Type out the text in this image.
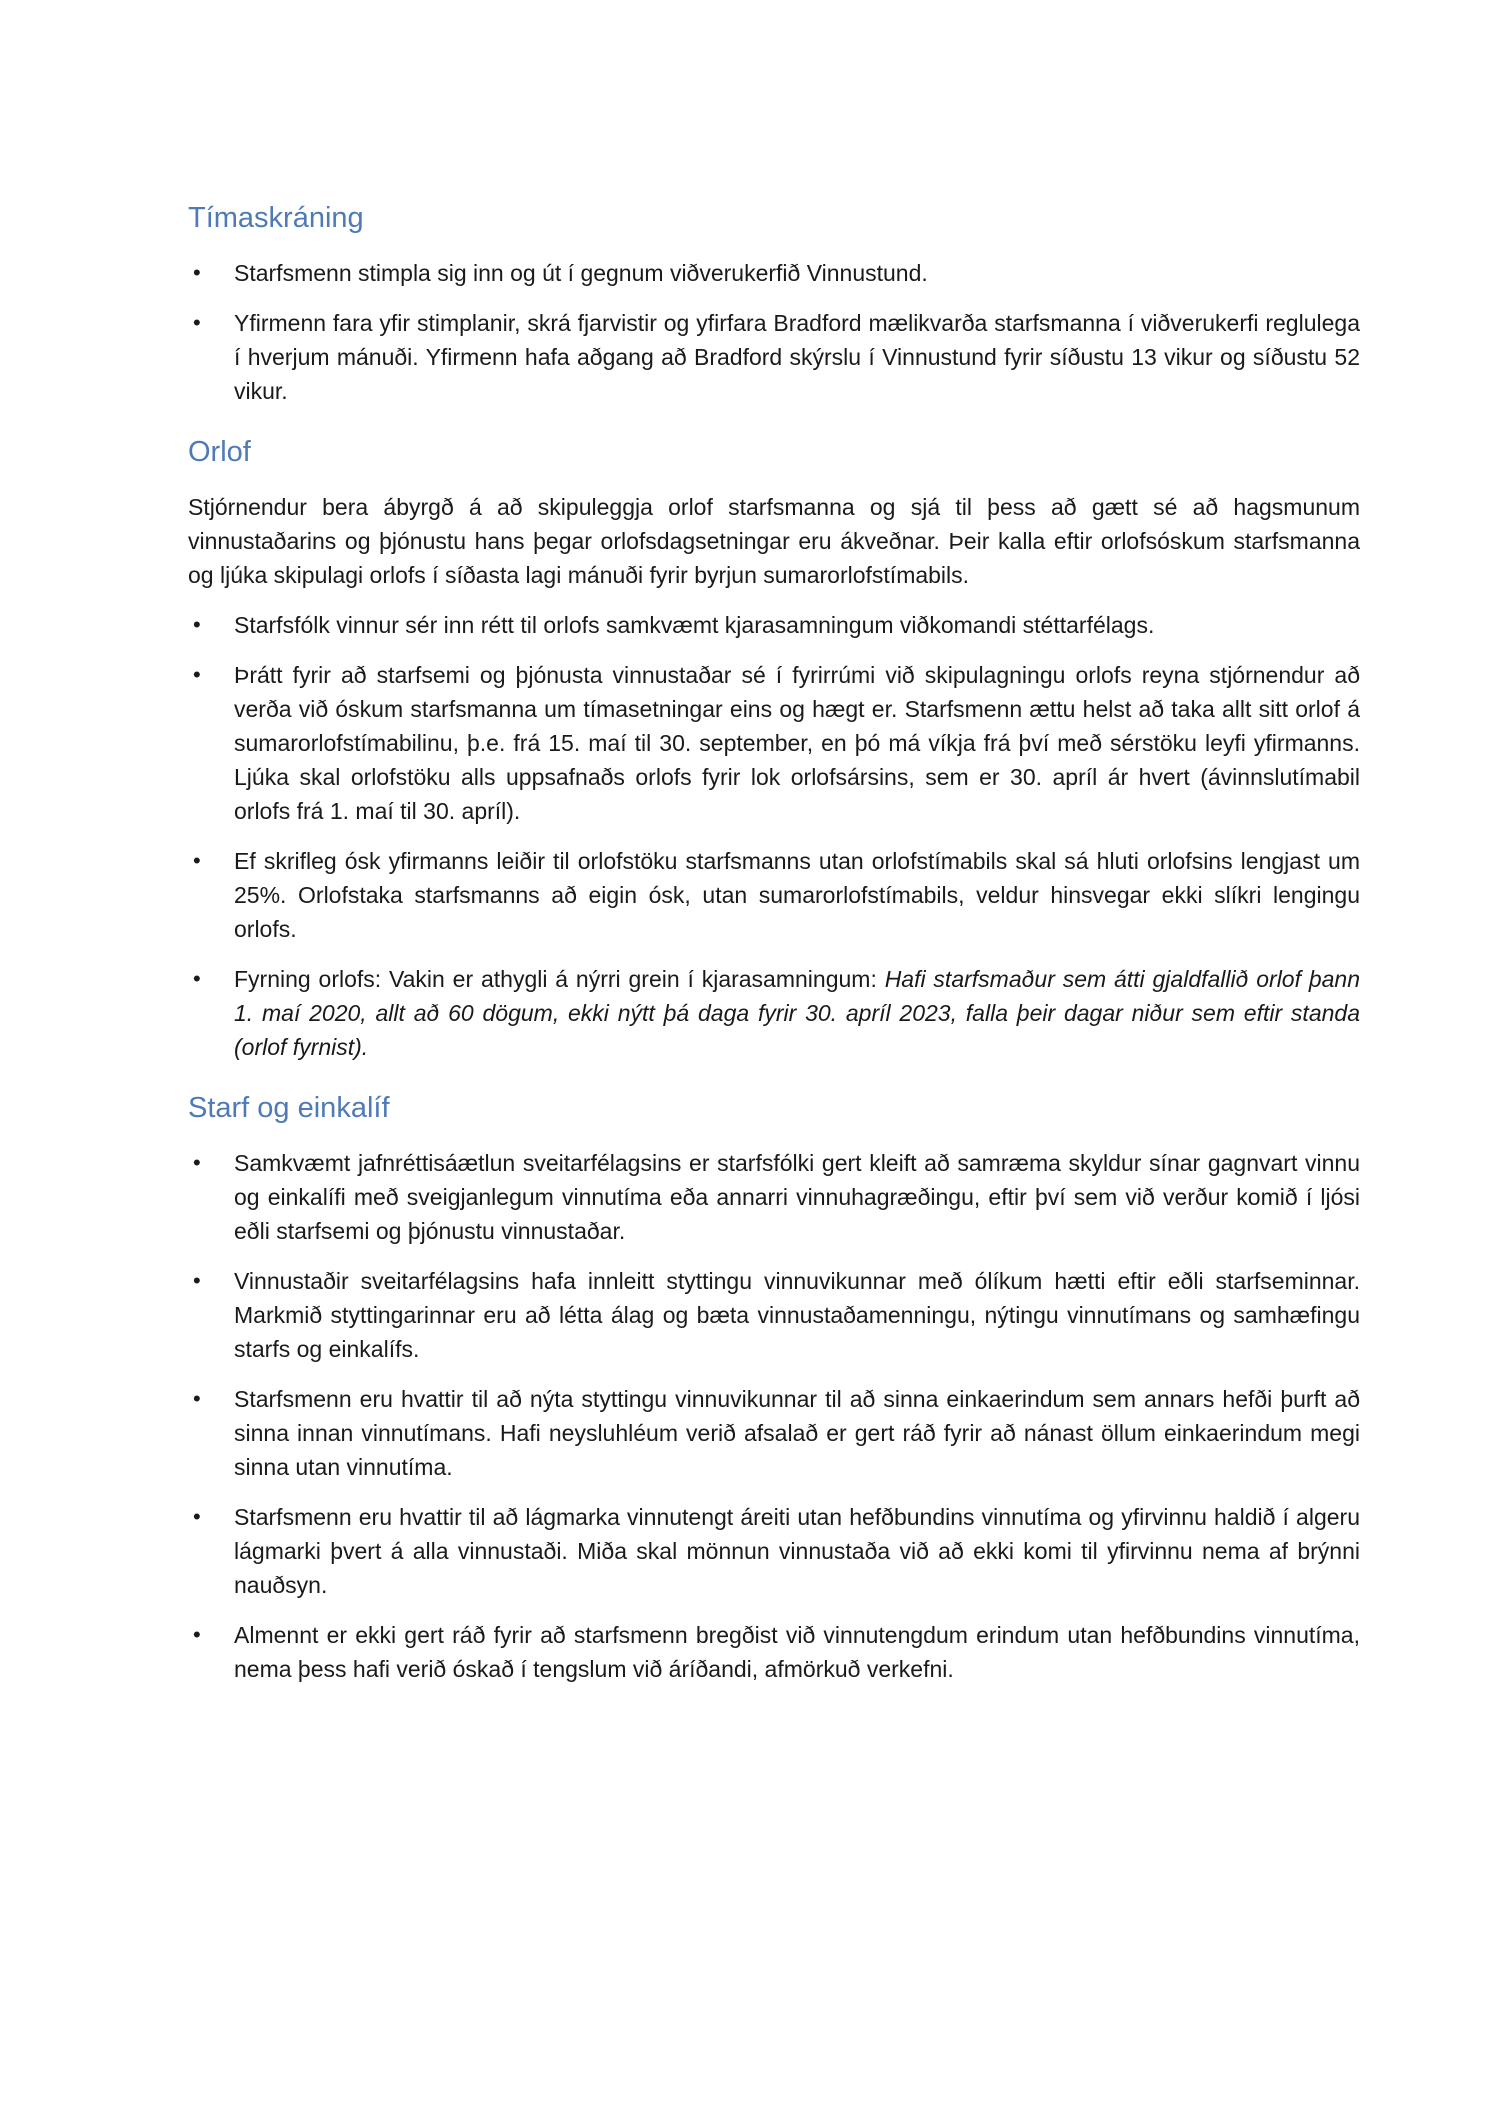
Tímaskráning
•	Starfsmenn stimpla sig inn og út í gegnum viðverukerfið Vinnustund.
•	Yfirmenn fara yfir stimplanir, skrá fjarvistir og yfirfara Bradford mælikvarða starfsmanna í viðverukerfi reglulega í hverjum mánuði. Yfirmenn hafa aðgang að Bradford skýrslu í Vinnustund fyrir síðustu 13 vikur og síðustu 52 vikur.
Orlof

Stjórnendur bera ábyrgð á að skipuleggja orlof starfsmanna og sjá til þess að gætt sé að hagsmunum vinnustaðarins og þjónustu hans þegar orlofsdagsetningar eru ákveðnar. Þeir kalla eftir orlofsóskum starfsmanna og ljúka skipulagi orlofs í síðasta lagi mánuði fyrir byrjun sumarorlofstímabils.

•	Starfsfólk vinnur sér inn rétt til orlofs samkvæmt kjarasamningum viðkomandi stéttarfélags.
•	Þrátt fyrir að starfsemi og þjónusta vinnustaðar sé í fyrirrúmi við skipulagningu orlofs reyna stjórnendur að verða við óskum starfsmanna um tímasetningar eins og hægt er. Starfsmenn ættu helst að taka allt sitt orlof á sumarorlofstímabilinu, þ.e. frá 15. maí til 30. september, en þó má víkja frá því með sérstöku leyfi yfirmanns. Ljúka skal orlofstöku alls uppsafnaðs orlofs fyrir lok orlofsársins, sem er 30. apríl ár hvert (ávinnslutímabil orlofs frá 1. maí til 30. apríl).
•	Ef skrifleg ósk yfirmanns leiðir til orlofstöku starfsmanns utan orlofstímabils skal sá hluti orlofsins lengjast um 25%. Orlofstaka starfsmanns að eigin ósk, utan sumarorlofstímabils, veldur hinsvegar ekki slíkri lengingu orlofs.
•	Fyrning orlofs: Vakin er athygli á nýrri grein í kjarasamningum: Hafi starfsmaður sem átti gjaldfallið orlof þann 1. maí 2020, allt að 60 dögum, ekki nýtt þá daga fyrir 30. apríl 2023, falla þeir dagar niður sem eftir standa (orlof fyrnist).
Starf og einkalíf
•	Samkvæmt jafnréttisáætlun sveitarfélagsins er starfsfólki gert kleift að samræma skyldur sínar gagnvart vinnu og einkalífi með sveigjanlegum vinnutíma eða annarri vinnuhagræðingu, eftir því sem við verður komið í ljósi eðli starfsemi og þjónustu vinnustaðar.
•	Vinnustaðir sveitarfélagsins hafa innleitt styttingu vinnuvikunnar með ólíkum hætti eftir eðli starfseminnar. Markmið styttingarinnar eru að létta álag og bæta vinnustaðamenningu, nýtingu vinnutímans og samhæfingu starfs og einkalífs.
•	Starfsmenn eru hvattir til að nýta styttingu vinnuvikunnar til að sinna einkaerindum sem annars hefði þurft að sinna innan vinnutímans. Hafi neysluhléum verið afsalað er gert ráð fyrir að nánast öllum einkaerindum megi sinna utan vinnutíma.
•	Starfsmenn eru hvattir til að lágmarka vinnutengt áreiti utan hefðbundins vinnutíma og yfirvinnu haldið í algeru lágmarki þvert á alla vinnustaði. Miða skal mönnun vinnustaða við að ekki komi til yfirvinnu nema af brýnni nauðsyn.
•	Almennt er ekki gert ráð fyrir að starfsmenn bregðist við vinnutengdum erindum utan hefðbundins vinnutíma, nema þess hafi verið óskað í tengslum við áríðandi, afmörkuð verkefni.
